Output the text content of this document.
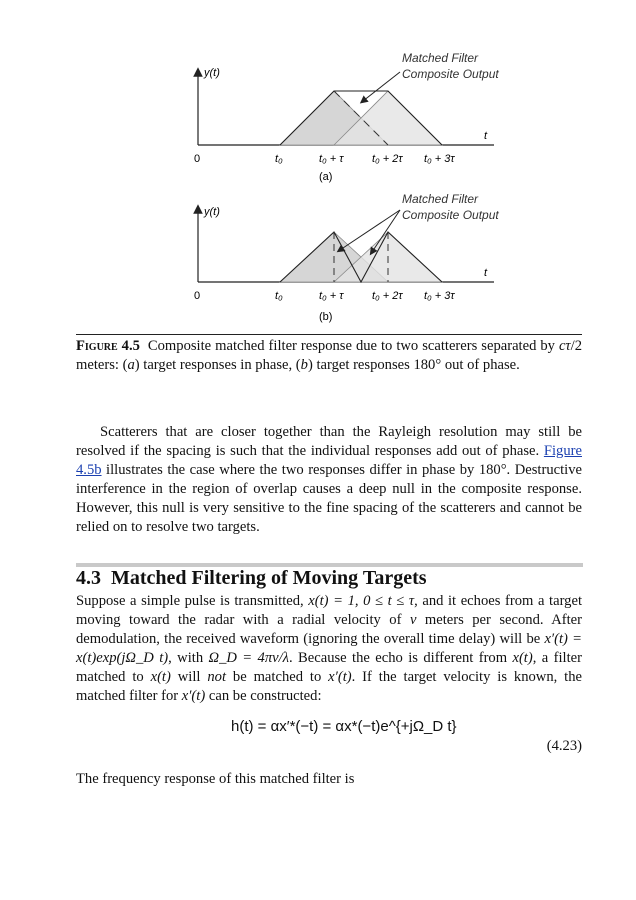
y(t)
t
0	t₀	t₀ + τ	t₀ + 2τ t₀ + 3τ
Matched Filter
Composite Output
(a)
y(t)
t
0	t₀	t₀ + τ	t₀ + 2τ t₀ + 3τ
Matched Filter
Composite Output
(b)
Figure 4.5 Composite matched filter response due to two scatterers separated by cτ/2 meters: (a) target responses in phase, (b) target responses 180° out of phase.

Scatterers that are closer together than the Rayleigh resolution may still be resolved if the spacing is such that the individual responses add out of phase. Figure 4.5b illustrates the case where the two responses differ in phase by 180°. Destructive interference in the region of overlap causes a deep null in the composite response. However, this null is very sensitive to the fine spacing of the scatterers and cannot be relied on to resolve two targets.

4.3 Matched Filtering of Moving Targets

Suppose a simple pulse is transmitted, x(t) = 1, 0 ≤ t ≤ τ, and it echoes from a target moving toward the radar with a radial velocity of v meters per second. After demodulation, the received waveform (ignoring the overall time delay) will be x′(t) = x(t)exp(jΩ_D t), with Ω_D = 4πv/λ. Because the echo is different from x(t), a filter matched to x(t) will not be matched to x′(t). If the target velocity is known, the matched filter for x′(t) can be constructed:

h(t) = αx′*(−t) = αx*(−t)e^{+jΩ_D t}
(4.23)

The frequency response of this matched filter is
